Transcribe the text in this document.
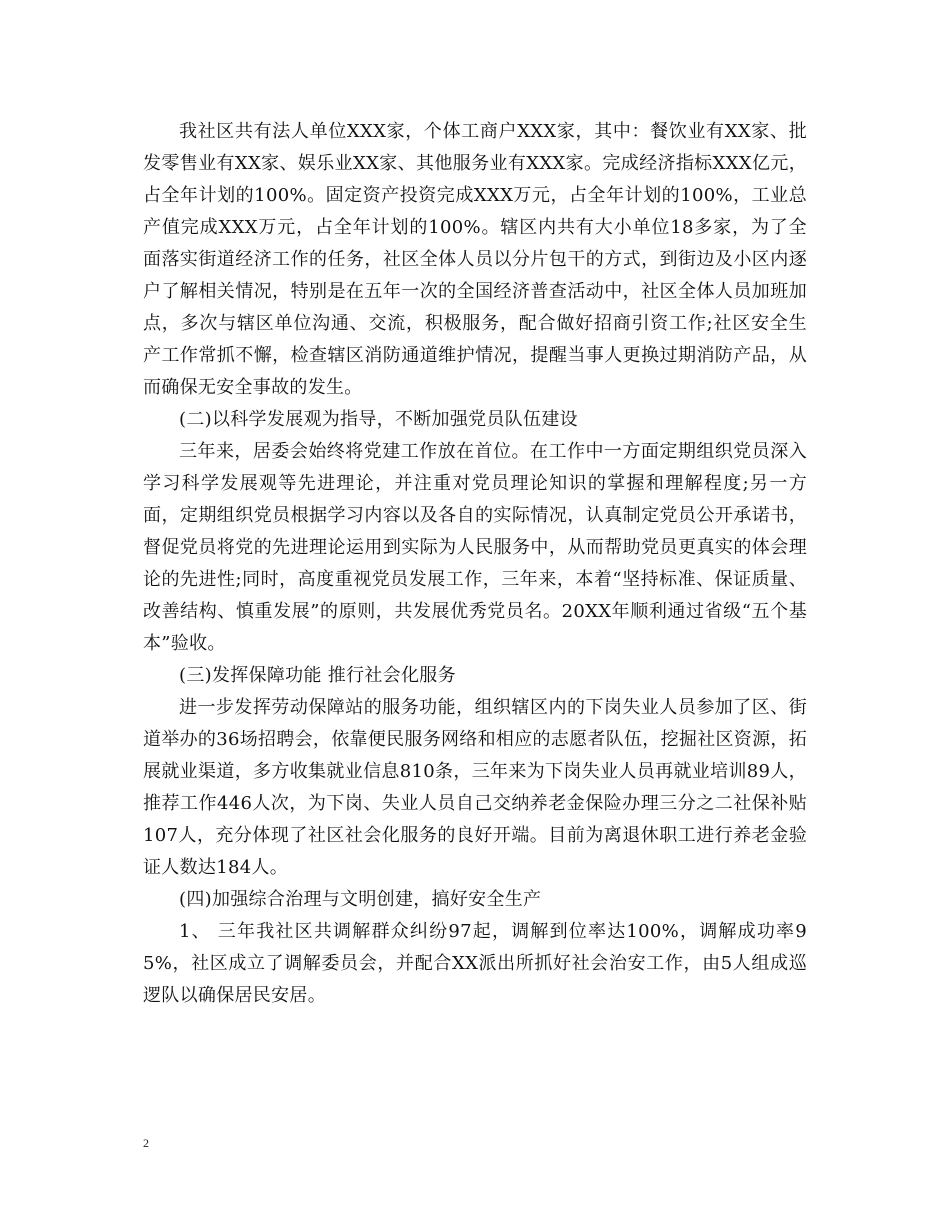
我社区共有法人单位XXX家，个体工商户XXX家，其中：餐饮业有XX家、批发零售业有XX家、娱乐业XX家、其他服务业有XXX家。完成经济指标XXX亿元，占全年计划的100%。固定资产投资完成XXX万元，占全年计划的100%，工业总产值完成XXX万元，占全年计划的100%。辖区内共有大小单位18多家，为了全面落实街道经济工作的任务，社区全体人员以分片包干的方式，到街边及小区内逐户了解相关情况，特别是在五年一次的全国经济普查活动中，社区全体人员加班加点，多次与辖区单位沟通、交流，积极服务，配合做好招商引资工作;社区安全生产工作常抓不懈，检查辖区消防通道维护情况，提醒当事人更换过期消防产品，从而确保无安全事故的发生。

(二)以科学发展观为指导，不断加强党员队伍建设

三年来，居委会始终将党建工作放在首位。在工作中一方面定期组织党员深入学习科学发展观等先进理论，并注重对党员理论知识的掌握和理解程度;另一方面，定期组织党员根据学习内容以及各自的实际情况，认真制定党员公开承诺书，督促党员将党的先进理论运用到实际为人民服务中，从而帮助党员更真实的体会理论的先进性;同时，高度重视党员发展工作，三年来，本着“坚持标准、保证质量、改善结构、慎重发展”的原则，共发展优秀党员名。20XX年顺利通过省级“五个基本”验收。

(三)发挥保障功能 推行社会化服务

进一步发挥劳动保障站的服务功能，组织辖区内的下岗失业人员参加了区、街道举办的36场招聘会，依靠便民服务网络和相应的志愿者队伍，挖掘社区资源，拓展就业渠道，多方收集就业信息810条，三年来为下岗失业人员再就业培训89人，推荐工作446人次，为下岗、失业人员自己交纳养老金保险办理三分之二社保补贴107人，充分体现了社区社会化服务的良好开端。目前为离退休职工进行养老金验证人数达184人。

(四)加强综合治理与文明创建，搞好安全生产

1、 三年我社区共调解群众纠纷97起，调解到位率达100%，调解成功率95%，社区成立了调解委员会，并配合XX派出所抓好社会治安工作，由5人组成巡逻队以确保居民安居。

2
